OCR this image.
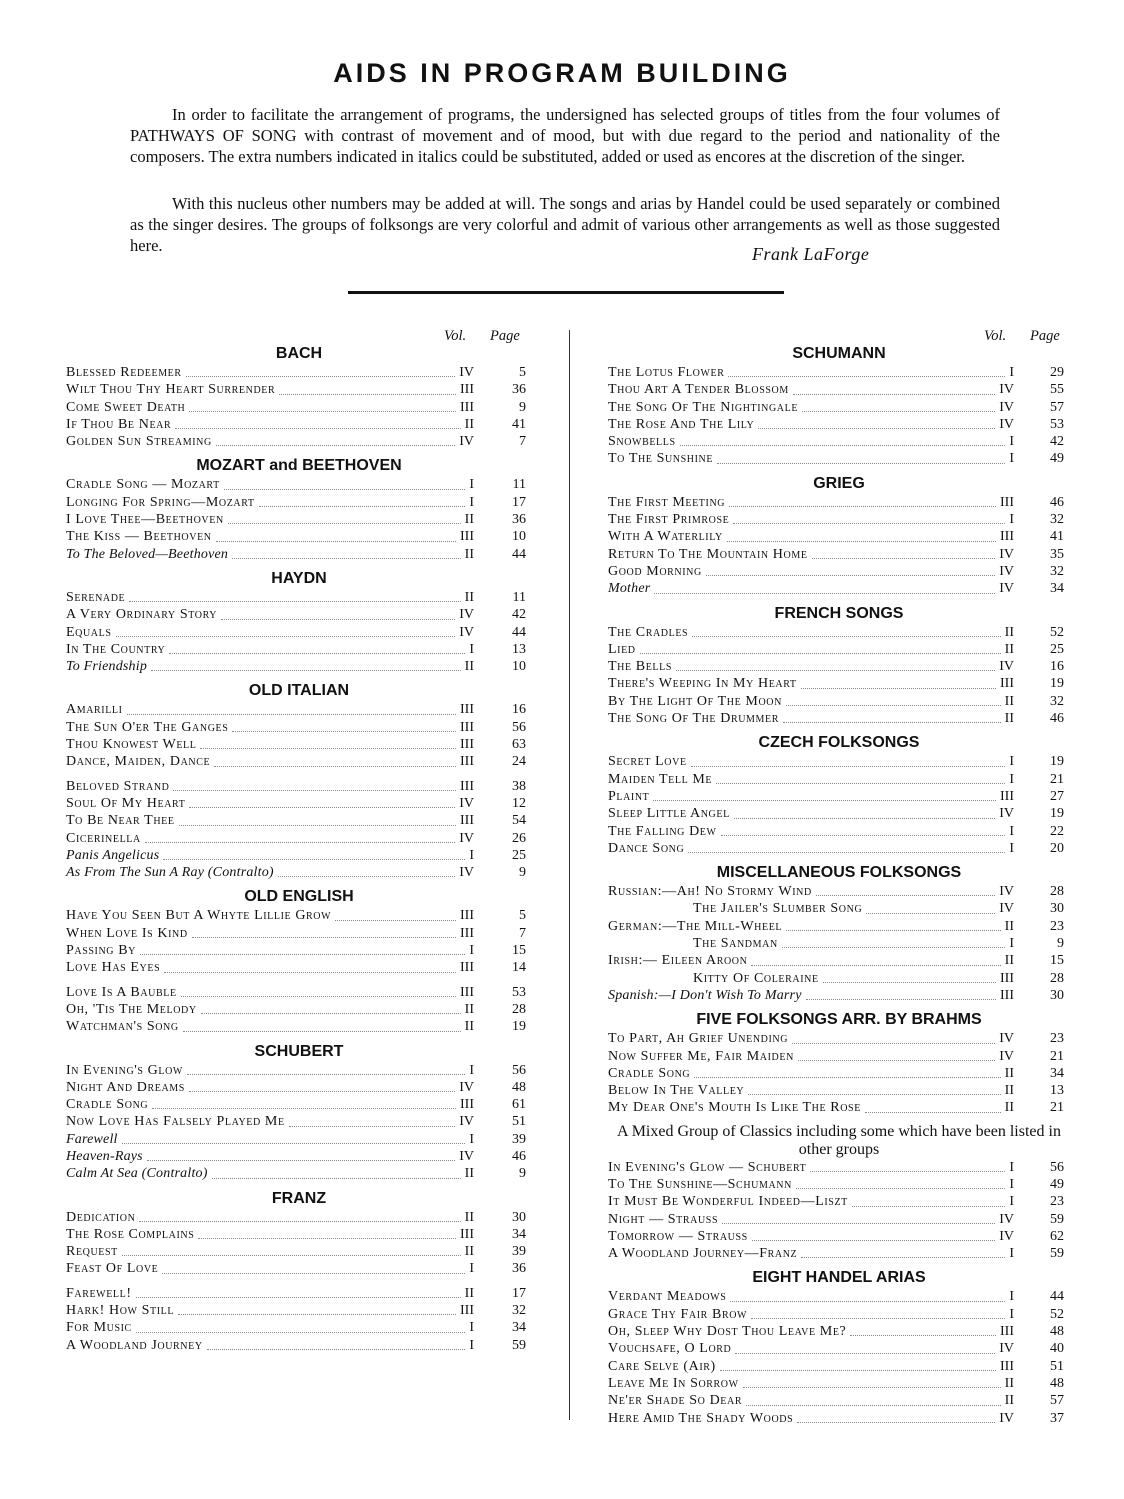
AIDS IN PROGRAM BUILDING

In order to facilitate the arrangement of programs, the undersigned has selected groups of titles from the four volumes of PATHWAYS OF SONG with contrast of movement and of mood, but with due regard to the period and nationality of the composers. The extra numbers indicated in italics could be substituted, added or used as encores at the discretion of the singer.

With this nucleus other numbers may be added at will. The songs and arias by Handel could be used separately or combined as the singer desires. The groups of folksongs are very colorful and admit of various other arrangements as well as those suggested here.	Frank LaForge
Vol. Page
BACH
Blessed Redeemer	IV	5
Wilt Thou Thy Heart Surrender	III	36
Come Sweet Death	III	9
If Thou Be Near	II	41
Golden Sun Streaming	IV	7
MOZART and BEETHOVEN
Cradle Song — Mozart	I	11
Longing For Spring—Mozart	I	17
I Love Thee—Beethoven	II	36
The Kiss — Beethoven	III	10
To The Beloved—Beethoven	II	44
HAYDN
Serenade	II	11
A Very Ordinary Story	IV	42
Equals	IV	44
In The Country	I	13
To Friendship	II	10
OLD ITALIAN
Amarilli	III	16
The Sun O'er The Ganges	III	56
Thou Knowest Well	III	63
Dance, Maiden, Dance	III	24
Beloved Strand	III	38
Soul Of My Heart	IV	12
To Be Near Thee	III	54
Cicerinella	IV	26
Panis Angelicus	I	25
As From The Sun A Ray (Contralto)	IV	9
OLD ENGLISH
Have You Seen But A Whyte Lillie Grow	III	5
When Love Is Kind	III	7
Passing By	I	15
Love Has Eyes	III	14
Love Is A Bauble	III	53
Oh, 'Tis The Melody	II	28
Watchman's Song	II	19
SCHUBERT
In Evening's Glow	I	56
Night And Dreams	IV	48
Cradle Song	III	61
Now Love Has Falsely Played Me	IV	51
Farewell	I	39
Heaven-Rays	IV	46
Calm At Sea (Contralto)	II	9
FRANZ
Dedication	II	30
The Rose Complains	III	34
Request	II	39
Feast Of Love	I	36
Farewell!	II	17
Hark! How Still	III	32
For Music	I	34
A Woodland Journey	I	59
Vol. Page
SCHUMANN
The Lotus Flower	I	29
Thou Art A Tender Blossom	IV	55
The Song Of The Nightingale	IV	57
The Rose And The Lily	IV	53
Snowbells	I	42
To The Sunshine	I	49
GRIEG
The First Meeting	III	46
The First Primrose	I	32
With A Waterlily	III	41
Return To The Mountain Home	IV	35
Good Morning	IV	32
Mother	IV	34
FRENCH SONGS
The Cradles	II	52
Lied	II	25
The Bells	IV	16
There's Weeping In My Heart	III	19
By The Light Of The Moon	II	32
The Song Of The Drummer	II	46
CZECH FOLKSONGS
Secret Love	I	19
Maiden Tell Me	I	21
Plaint	III	27
Sleep Little Angel	IV	19
The Falling Dew	I	22
Dance Song	I	20
MISCELLANEOUS FOLKSONGS
Russian:—Ah! No Stormy Wind	IV	28
The Jailer's Slumber Song	IV	30
German:—The Mill-Wheel	II	23
The Sandman	I	9
Irish:— Eileen Aroon	II	15
Kitty Of Coleraine	III	28
Spanish:—I Don't Wish To Marry	III	30
FIVE FOLKSONGS ARR. BY BRAHMS
To Part, Ah Grief Unending	IV	23
Now Suffer Me, Fair Maiden	IV	21
Cradle Song	II	34
Below In The Valley	II	13
My Dear One's Mouth Is Like The Rose	II	21
A Mixed Group of Classics including some which have been listed in other groups
In Evening's Glow — Schubert	I	56
To The Sunshine—Schumann	I	49
It Must Be Wonderful Indeed—Liszt	I	23
Night — Strauss	IV	59
Tomorrow — Strauss	IV	62
A Woodland Journey—Franz	I	59
EIGHT HANDEL ARIAS
Verdant Meadows	I	44
Grace Thy Fair Brow	I	52
Oh, Sleep Why Dost Thou Leave Me?	III	48
Vouchsafe, O Lord	IV	40
Care Selve (Air)	III	51
Leave Me In Sorrow	II	48
Ne'er Shade So Dear	II	57
Here Amid The Shady Woods	IV	37
